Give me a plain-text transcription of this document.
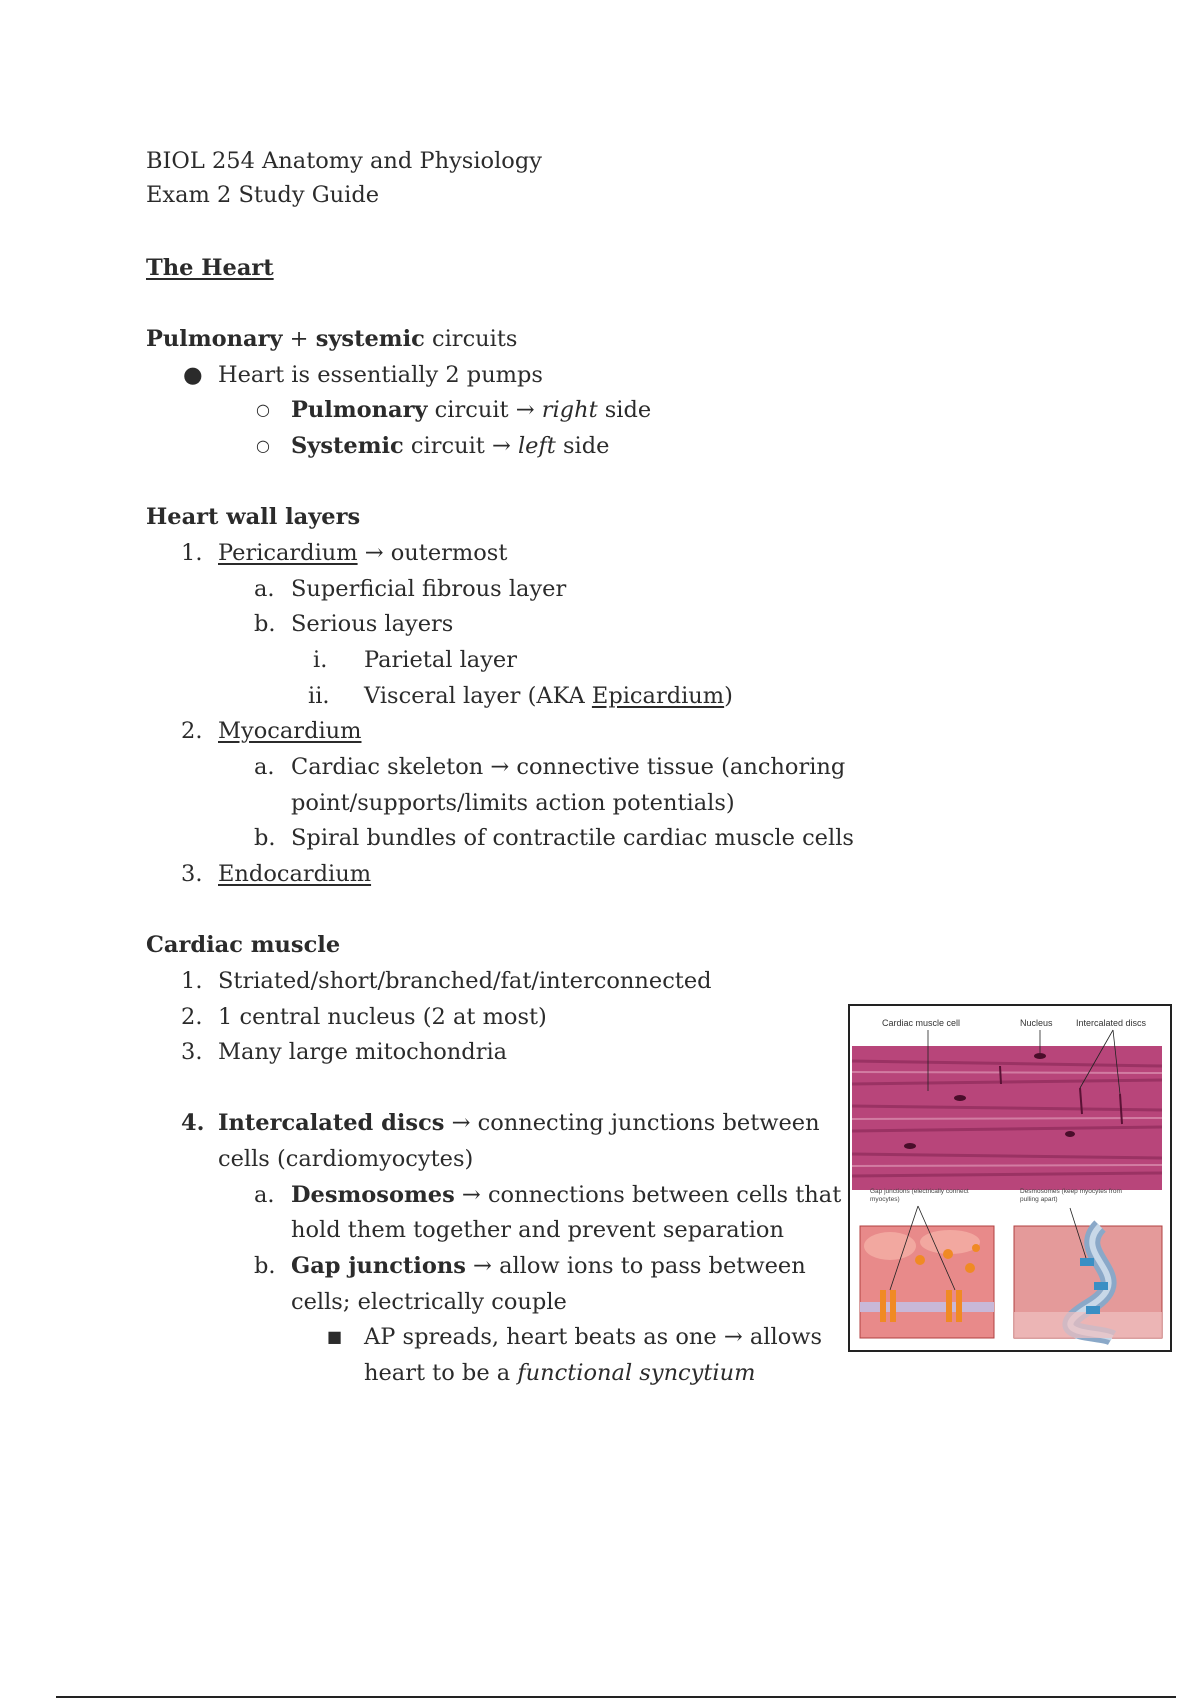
BIOL 254 Anatomy and Physiology
Exam 2 Study Guide
The Heart
Pulmonary + systemic circuits
● Heart is essentially 2 pumps
○ Pulmonary circuit → right side
○ Systemic circuit → left side
Heart wall layers
1. Pericardium → outermost
a. Superficial fibrous layer
b. Serious layers
i. Parietal layer
ii. Visceral layer (AKA Epicardium)
2. Myocardium
a. Cardiac skeleton → connective tissue (anchoring
point/supports/limits action potentials)
b. Spiral bundles of contractile cardiac muscle cells
3. Endocardium
Cardiac muscle
1. Striated/short/branched/fat/interconnected
2. 1 central nucleus (2 at most)
3. Many large mitochondria
4. Intercalated discs → connecting junctions between
cells (cardiomyocytes)
a. Desmosomes → connections between cells that
hold them together and prevent separation
b. Gap junctions → allow ions to pass between
cells; electrically couple
■ AP spreads, heart beats as one → allows
heart to be a functional syncytium
Cardiac muscle cell	Nucleus	Intercalated discs
Gap junctions (electrically connect myocytes)
Desmosomes (keep myocytes from pulling apart)
